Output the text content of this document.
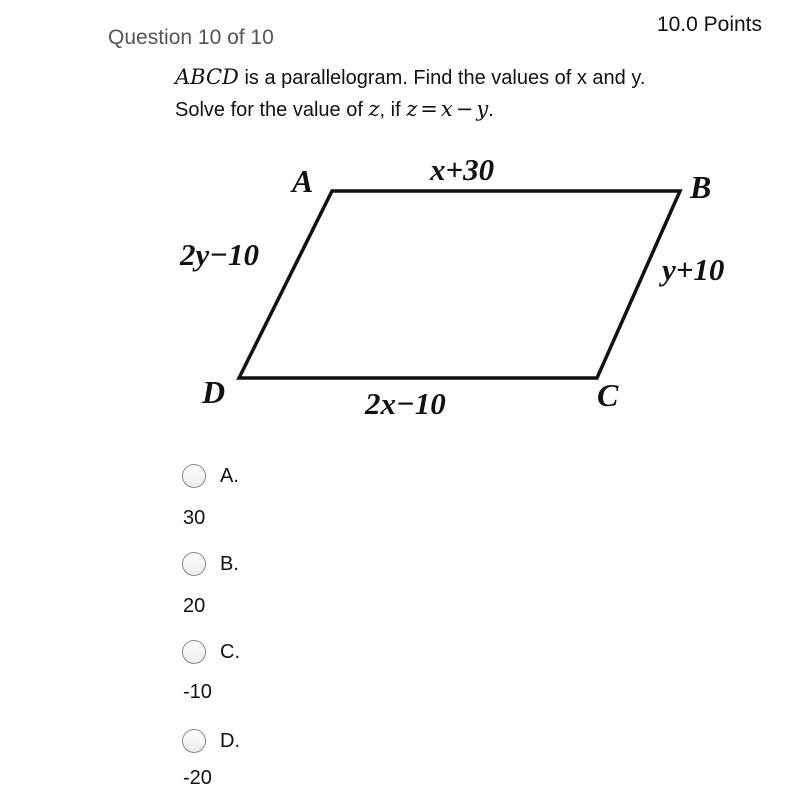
Question 10 of 10
10.0 Points
ABCD is a parallelogram. Find the values of x and y.
Solve for the value of z, if z = x − y.
A	B
C
D
x+30
2x−10
2y−10	y+10
A.
30
B.
20
C.
-10
D.
-20
